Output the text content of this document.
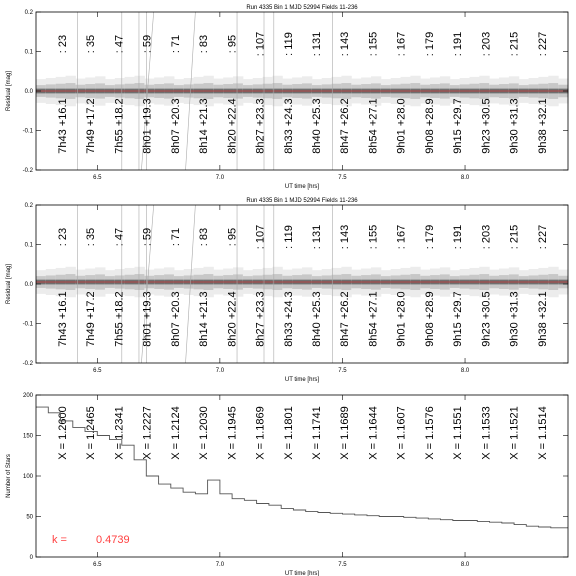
: 23 : 35 : 47 : 59 : 71 : 83 : 95 : 107 : 119 : 131 : 143 : 155 : 167 : 179 : 191 : 203 : 215 : 227
7h43 +16.1 7h49 +17.2 7h55 +18.2 8h01 +19.3 8h07 +20.3 8h14 +21.3 8h20 +22.4 8h27 +23.3 8h33 +24.3 8h40 +25.3 8h47 +26.2 8h54 +27.1 9h01 +28.0 9h08 +28.9 9h15 +29.7 9h23 +30.5 9h30 +31.3 9h38 +32.1
6.5	7.0	7.5	8.0
-0.2
-0.1
0.0
0.1
0.2
Run 4335 Bin 1 MJD 52994 Fields 11-236
UT time [hrs]
Residual [mag]
: 23 : 35 : 47 : 59 : 71 : 83 : 95 : 107 : 119 : 131 : 143 : 155 : 167 : 179 : 191 : 203 : 215 : 227
7h43 +16.1 7h49 +17.2 7h55 +18.2 8h01 +19.3 8h07 +20.3 8h14 +21.3 8h20 +22.4 8h27 +23.3 8h33 +24.3 8h40 +25.3 8h47 +26.2 8h54 +27.1 9h01 +28.0 9h08 +28.9 9h15 +29.7 9h23 +30.5 9h30 +31.3 9h38 +32.1
6.5	7.0	7.5	8.0
-0.2
-0.1
0.0
0.1
0.2
Run 4335 Bin 1 MJD 52994 Fields 11-236
UT time [hrs]
Residual [mag]
X = 1.2600 X = 1.2465 X = 1.2341 X = 1.2227 X = 1.2124 X = 1.2030 X = 1.1945 X = 1.1869 X = 1.1801 X = 1.1741 X = 1.1689 X = 1.1644 X = 1.1607 X = 1.1576 X = 1.1551 X = 1.1533 X = 1.1521 X = 1.1514
k =	0.4739
6.5	7.0	7.5	8.0
0
50
100
150
200
UT time [hrs]
Number of Stars
